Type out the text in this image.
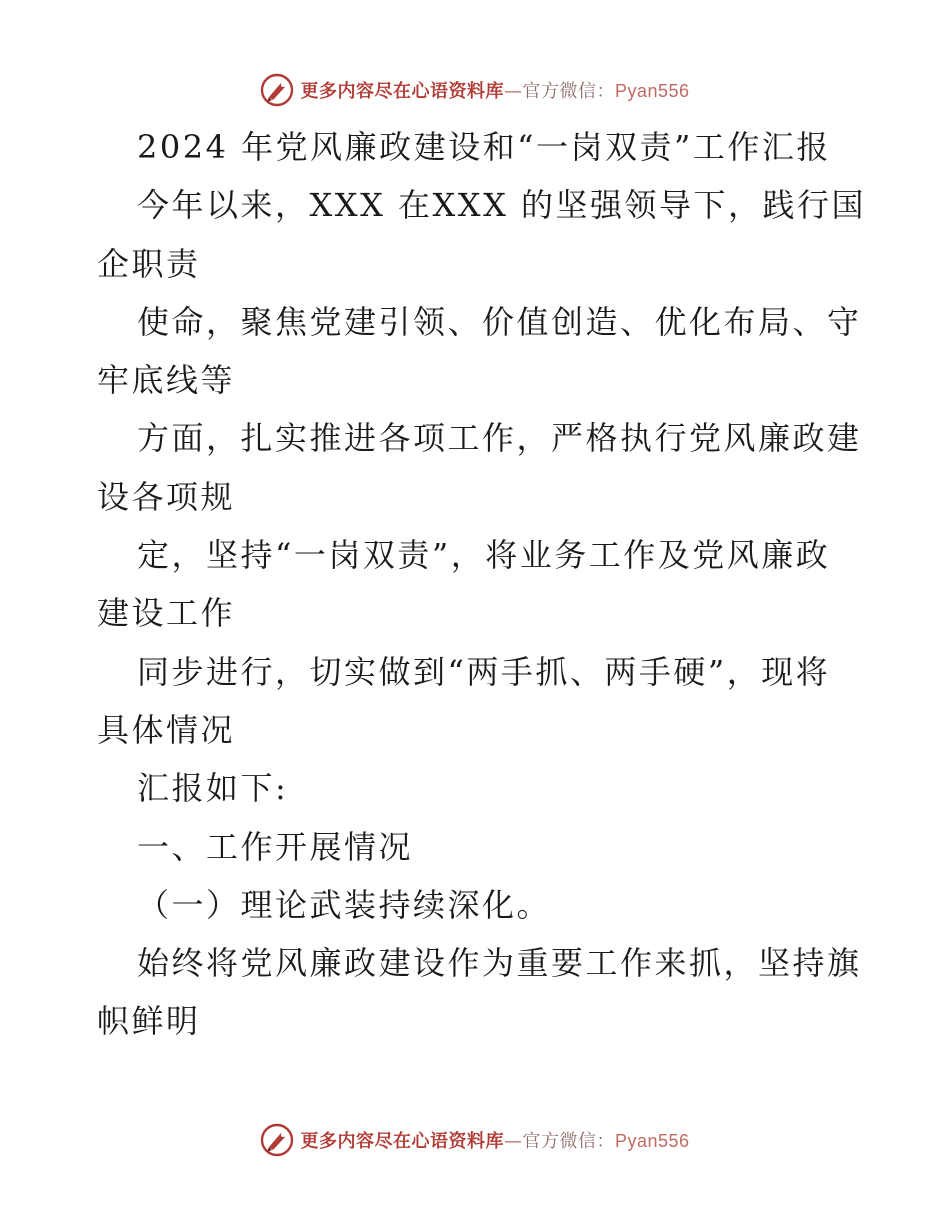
更多内容尽在心语资料库—官方微信：Pyan556
2024 年党风廉政建设和“一岗双责”工作汇报
今年以来，XXX 在XXX 的坚强领导下，践行国
企职责
使命，聚焦党建引领、价值创造、优化布局、守
牢底线等
方面，扎实推进各项工作，严格执行党风廉政建
设各项规
定，坚持“一岗双责”，将业务工作及党风廉政
建设工作
同步进行，切实做到“两手抓、两手硬”，现将
具体情况
汇报如下:
一、工作开展情况
（一）理论武装持续深化。
始终将党风廉政建设作为重要工作来抓，坚持旗
帜鲜明
更多内容尽在心语资料库—官方微信：Pyan556
